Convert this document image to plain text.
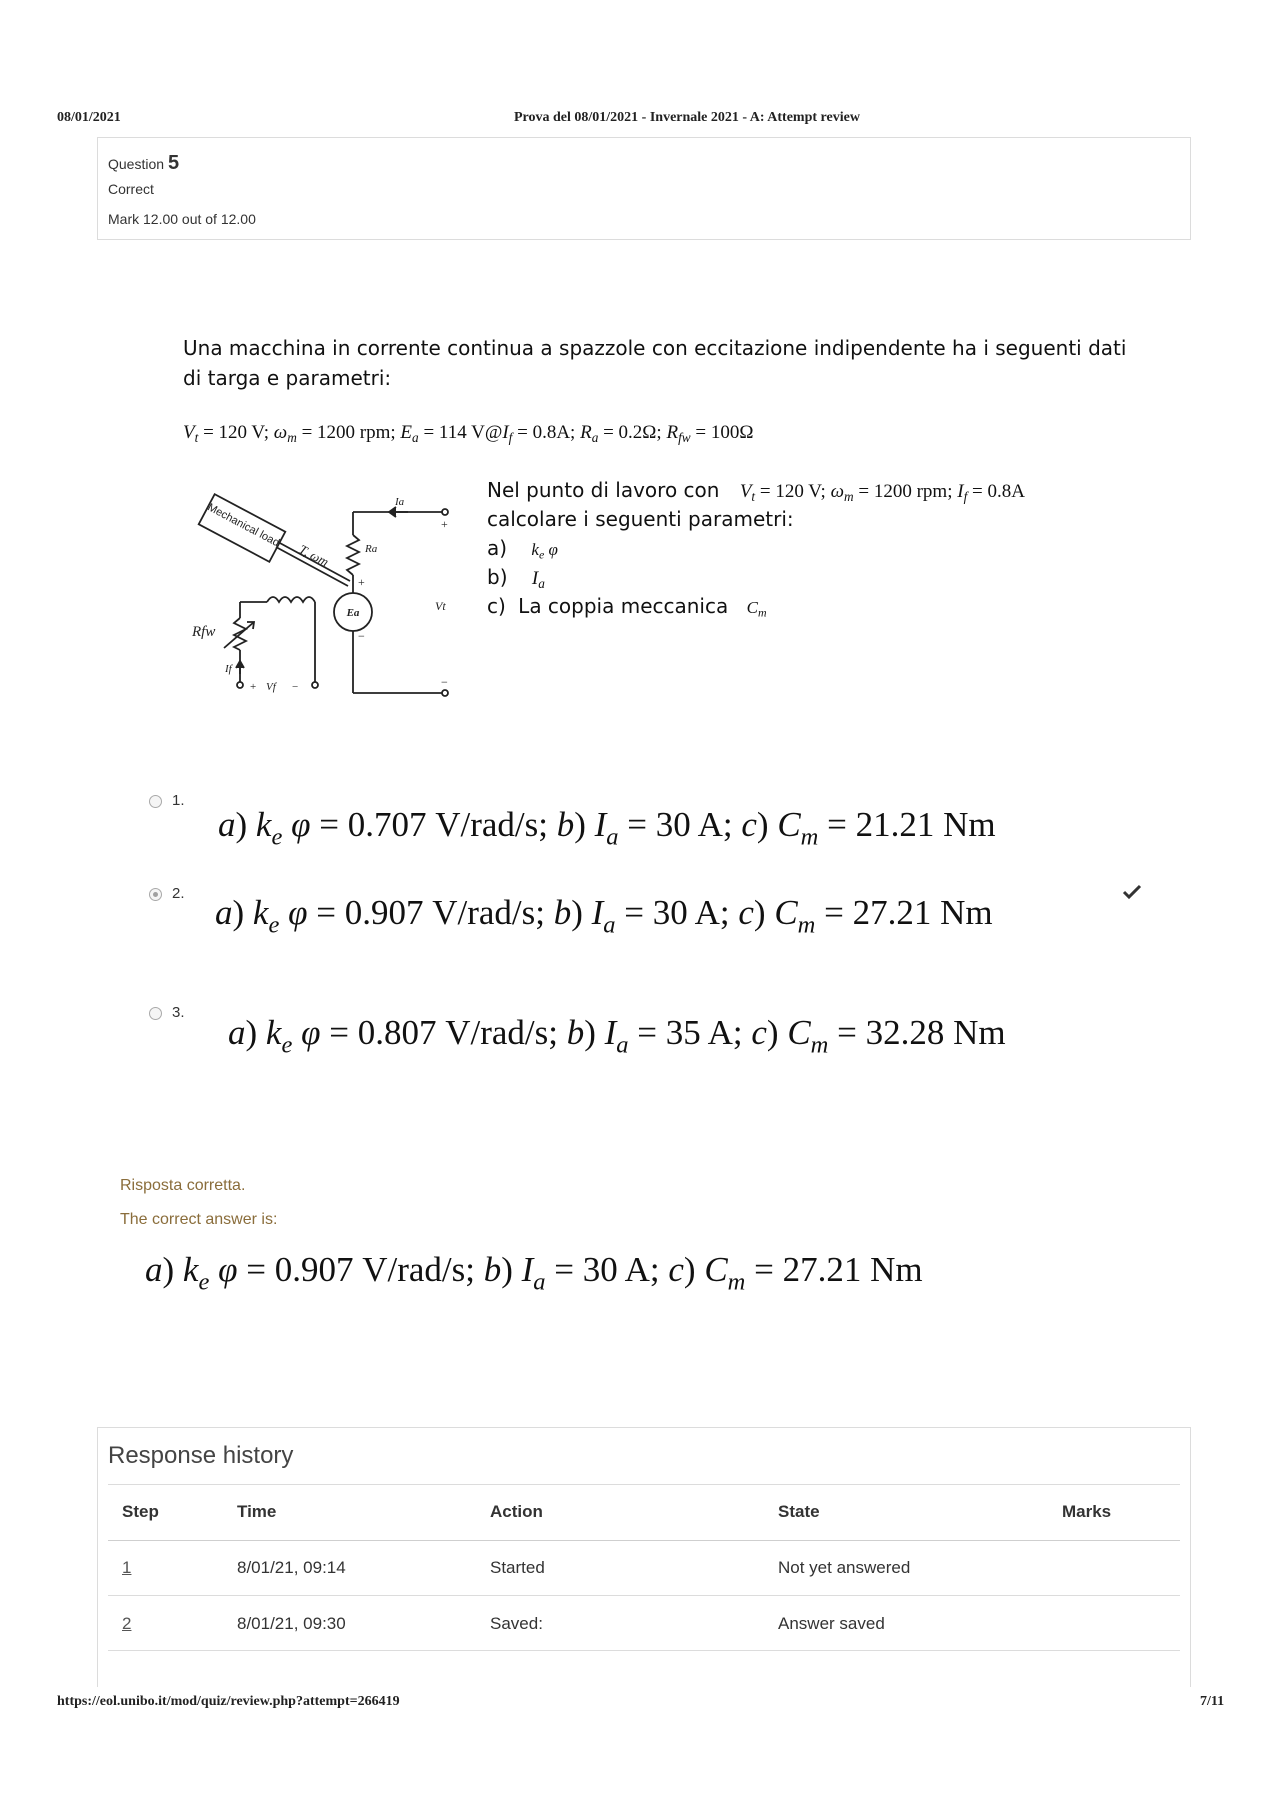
08/01/2021	Prova del 08/01/2021 - Invernale 2021 - A: Attempt review
Question 5
Correct
Mark 12.00 out of 12.00
Una macchina in corrente continua a spazzole con eccitazione indipendente ha i seguenti dati
di targa e parametri:
$V_t = 120$ V; $\omega_m = 1200$ rpm; $E_a = 114$ $V@I_f = 0.8A$; $R_a = 0.2\Omega$; $R_{fw} = 100\Omega$
Mechanical load
T, ωm	Ra
Ia
Ea	Vt
Rfw
If
Vf
+
+
−
−
+	−
Nel punto di lavoro con $V_t = 120$ V; $\omega_m = 1200$ rpm; $I_f = 0.8A$
calcolare i seguenti parametri:
a) $k_e$ φ
b) $I_a$
c) La coppia meccanica $C_m$
1.
a) $k_e$ φ = 0.707 V/rad/s; b) $I_a = 30$ A; c) $C_m = 21.21$ Nm
2. a) $k_e$ φ = 0.907 V/rad/s; b) $I_a = 30$ A; c) $C_m = 27.21$ Nm
3.
a) $k_e$ φ = 0.807 V/rad/s; b) $I_a = 35$ A; c) $C_m = 32.28$ Nm
Risposta corretta.
The correct answer is:
a) $k_e$ φ = 0.907 V/rad/s; b) $I_a = 30$ A; c) $C_m = 27.21$ Nm
Response history
Step	Time	Action	State	Marks
1	8/01/21, 09:14	Started	Not yet answered
2	8/01/21, 09:30	Saved:	Answer saved
https://eol.unibo.it/mod/quiz/review.php?attempt=266419	7/11
